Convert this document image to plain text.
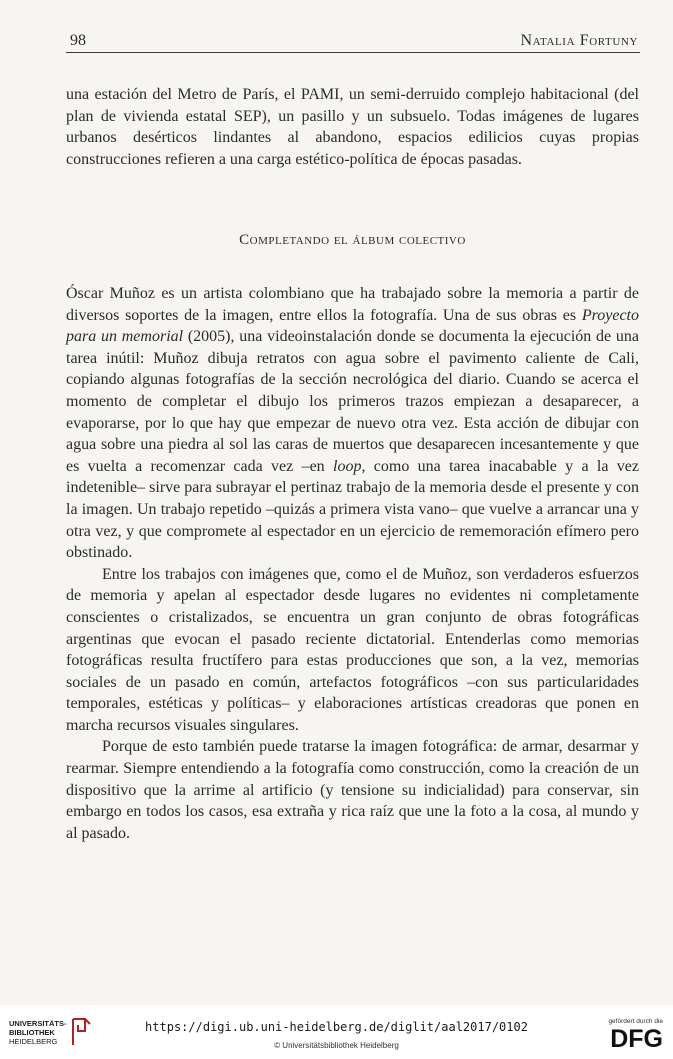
98	Natalia Fortuny

una estación del Metro de París, el PAMI, un semi-derruido complejo habitacional (del plan de vivienda estatal SEP), un pasillo y un subsuelo. Todas imágenes de lugares urbanos desérticos lindantes al abandono, espacios edilicios cuyas propias construcciones refieren a una carga estético-política de épocas pasadas.

Completando el álbum colectivo

Óscar Muñoz es un artista colombiano que ha trabajado sobre la memoria a partir de diversos soportes de la imagen, entre ellos la fotografía. Una de sus obras es Proyecto para un memorial (2005), una videoinstalación donde se documenta la ejecución de una tarea inútil: Muñoz dibuja retratos con agua sobre el pavimento caliente de Cali, copiando algunas fotografías de la sección necrológica del diario. Cuando se acerca el momento de completar el dibujo los primeros trazos empiezan a desaparecer, a evaporarse, por lo que hay que empezar de nuevo otra vez. Esta acción de dibujar con agua sobre una piedra al sol las caras de muertos que desaparecen incesantemente y que es vuelta a recomenzar cada vez –en loop, como una tarea inacabable y a la vez indetenible– sirve para subrayar el pertinaz trabajo de la memoria desde el presente y con la imagen. Un trabajo repetido –quizás a primera vista vano– que vuelve a arrancar una y otra vez, y que compromete al espectador en un ejercicio de rememoración efímero pero obstinado.

Entre los trabajos con imágenes que, como el de Muñoz, son verdaderos esfuerzos de memoria y apelan al espectador desde lugares no evidentes ni completamente conscientes o cristalizados, se encuentra un gran conjunto de obras fotográficas argentinas que evocan el pasado reciente dictatorial. Entenderlas como memorias fotográficas resulta fructífero para estas producciones que son, a la vez, memorias sociales de un pasado en común, artefactos fotográficos –con sus particularidades temporales, estéticas y políticas– y elaboraciones artísticas creadoras que ponen en marcha recursos visuales singulares.

Porque de esto también puede tratarse la imagen fotográfica: de armar, desarmar y rearmar. Siempre entendiendo a la fotografía como construcción, como la creación de un dispositivo que la arrime al artificio (y tensione su indicialidad) para conservar, sin embargo en todos los casos, esa extraña y rica raíz que une la foto a la cosa, al mundo y al pasado.

UNIVERSITÄTS-
BIBLIOTHEK
HEIDELBERG
https://digi.ub.uni-heidelberg.de/diglit/aal2017/0102
© Universitätsbibliothek Heidelberg
gefördert durch die
DFG
